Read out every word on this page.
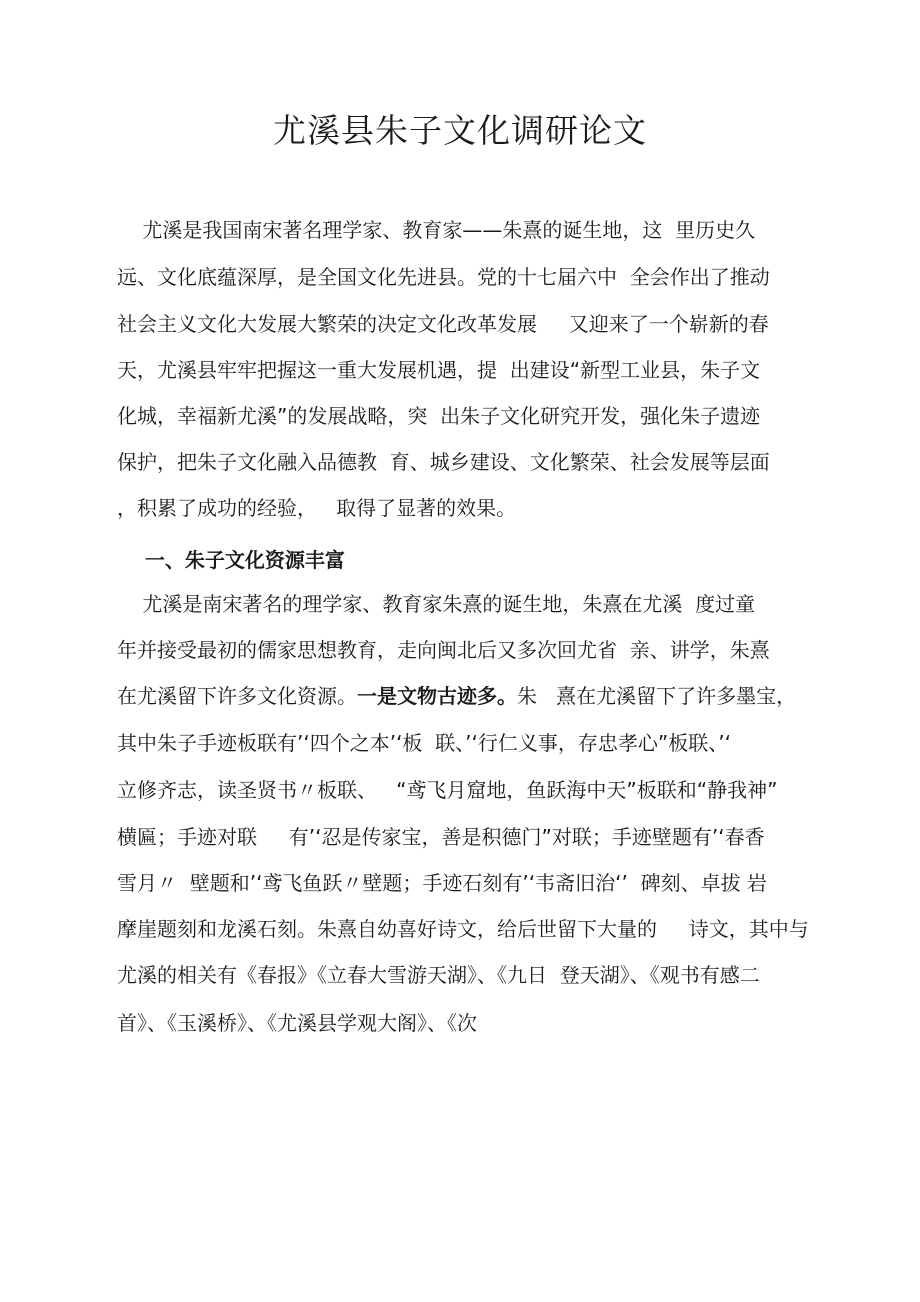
尤溪县朱子文化调研论文

尤溪是我国南宋著名理学家、教育家——朱熹的诞生地，这  里历史久

远、文化底蕴深厚，是全国文化先进县。党的十七届六中  全会作出了推动

社会主义文化大发展大繁荣的决定文化改革发展     又迎来了一个崭新的春

天，尤溪县牢牢把握这一重大发展机遇，提  出建设“新型工业县，朱子文

化城，幸福新尤溪”的发展战略，突  出朱子文化研究开发，强化朱子遗迹

保护，把朱子文化融入品德教  育、城乡建设、文化繁荣、社会发展等层面

，积累了成功的经验，   取得了显著的效果。

一、朱子文化资源丰富

尤溪是南宋著名的理学家、教育家朱熹的诞生地，朱熹在尤溪  度过童

年并接受最初的儒家思想教育，走向闽北后又多次回尤省  亲、讲学，朱熹

在尤溪留下许多文化资源。一是文物古迹多。朱   熹在尤溪留下了许多墨宝，

其中朱子手迹板联有’‘四个之本’‘板  联、’‘行仁义事，存忠孝心”板联、’‘

立修齐志，读圣贤书〃板联、   “鸢飞月窟地，鱼跃海中天”板联和“静我神”

横匾；手迹对联     有’‘忍是传家宝，善是积德门”对联；手迹壁题有’‘春香

雪月〃  壁题和’‘鸢飞鱼跃〃壁题；手迹石刻有’‘韦斋旧治‘’  碑刻、卓拔 岩

摩崖题刻和龙溪石刻。朱熹自幼喜好诗文，给后世留下大量的     诗文，其中与

尤溪的相关有《春报》《立春大雪游天湖》、《九日  登天湖》、《观书有感二

首》、《玉溪桥》、《尤溪县学观大阁》、《次
